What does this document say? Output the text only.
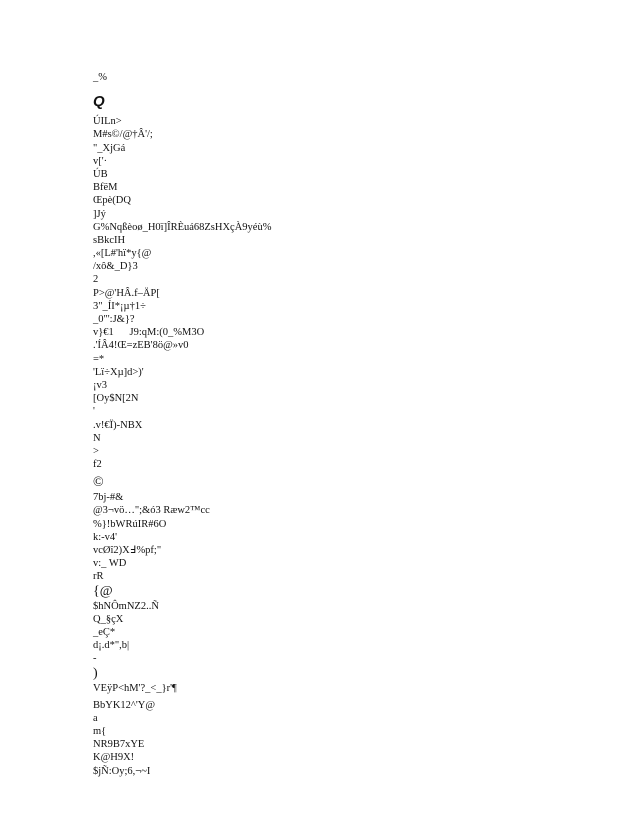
_%
Q
ÚILn>
M#s©/@†Â'/;
"_XjGá
v['·
ÚB
BfëM
Œpè(DQ
]Jý
G%Nqßèoø_H0ï]ÎRÈuá68ZsHXçÀ9yéù%
sBkcIH
,«[L#'hï*y{@
/xô&_D}3
2
P>@'HÂ.f–ÄP[
3"_ÍI*¡µ†1÷
_0"':J&}?
v}€1      J9:qM:(0_%M3O
.'ÍÂ4!Œ=zEB'8ö@»v0
=*
'Lï÷Xµ]d>)'
¡v3
[Oy$N[2N
'
.v!€Ï)-NBX
N
>
f2
©
7bj-#&
@3¬vö…";&ó3 Ræw2™cc
%}!bWRúIR#6O
k:-v4'
vcØî2)X߃%pf;"
v:_ WD
rR
{@
$hNÔmNZ2..Ñ
Q_§çX
_eÇ*
d¡.d*",b|
-
)
VEÿP<hM'?_<_}r'¶
BbYK12^'Y@
a
m{
NR9B7xYE
K@H9X!
$jÑ:Oy;6,¬~I
